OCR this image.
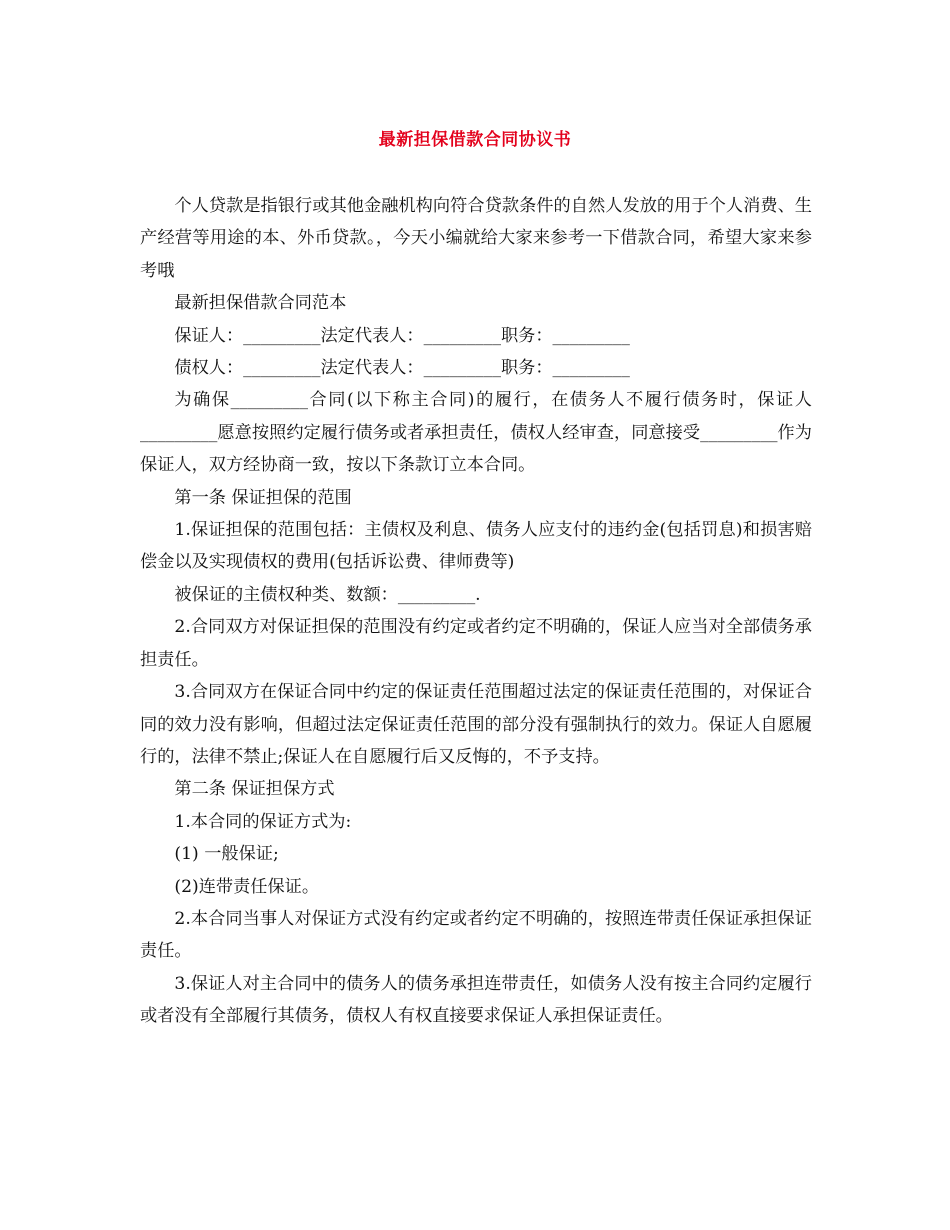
最新担保借款合同协议书

个人贷款是指银行或其他金融机构向符合贷款条件的自然人发放的用于个人消费、生产经营等用途的本、外币贷款。，今天小编就给大家来参考一下借款合同，希望大家来参考哦

最新担保借款合同范本

保证人：_________法定代表人：_________职务：_________

债权人：_________法定代表人：_________职务：_________

为确保_________合同(以下称主合同)的履行，在债务人不履行债务时，保证人_________愿意按照约定履行债务或者承担责任，债权人经审查，同意接受_________作为保证人，双方经协商一致，按以下条款订立本合同。

第一条 保证担保的范围

1.保证担保的范围包括：主债权及利息、债务人应支付的违约金(包括罚息)和损害赔偿金以及实现债权的费用(包括诉讼费、律师费等)

被保证的主债权种类、数额：_________.

2.合同双方对保证担保的范围没有约定或者约定不明确的，保证人应当对全部债务承担责任。

3.合同双方在保证合同中约定的保证责任范围超过法定的保证责任范围的，对保证合同的效力没有影响，但超过法定保证责任范围的部分没有强制执行的效力。保证人自愿履行的，法律不禁止;保证人在自愿履行后又反悔的，不予支持。

第二条 保证担保方式

1.本合同的保证方式为:

(1) 一般保证;

(2)连带责任保证。

2.本合同当事人对保证方式没有约定或者约定不明确的，按照连带责任保证承担保证责任。

3.保证人对主合同中的债务人的债务承担连带责任，如债务人没有按主合同约定履行或者没有全部履行其债务，债权人有权直接要求保证人承担保证责任。
